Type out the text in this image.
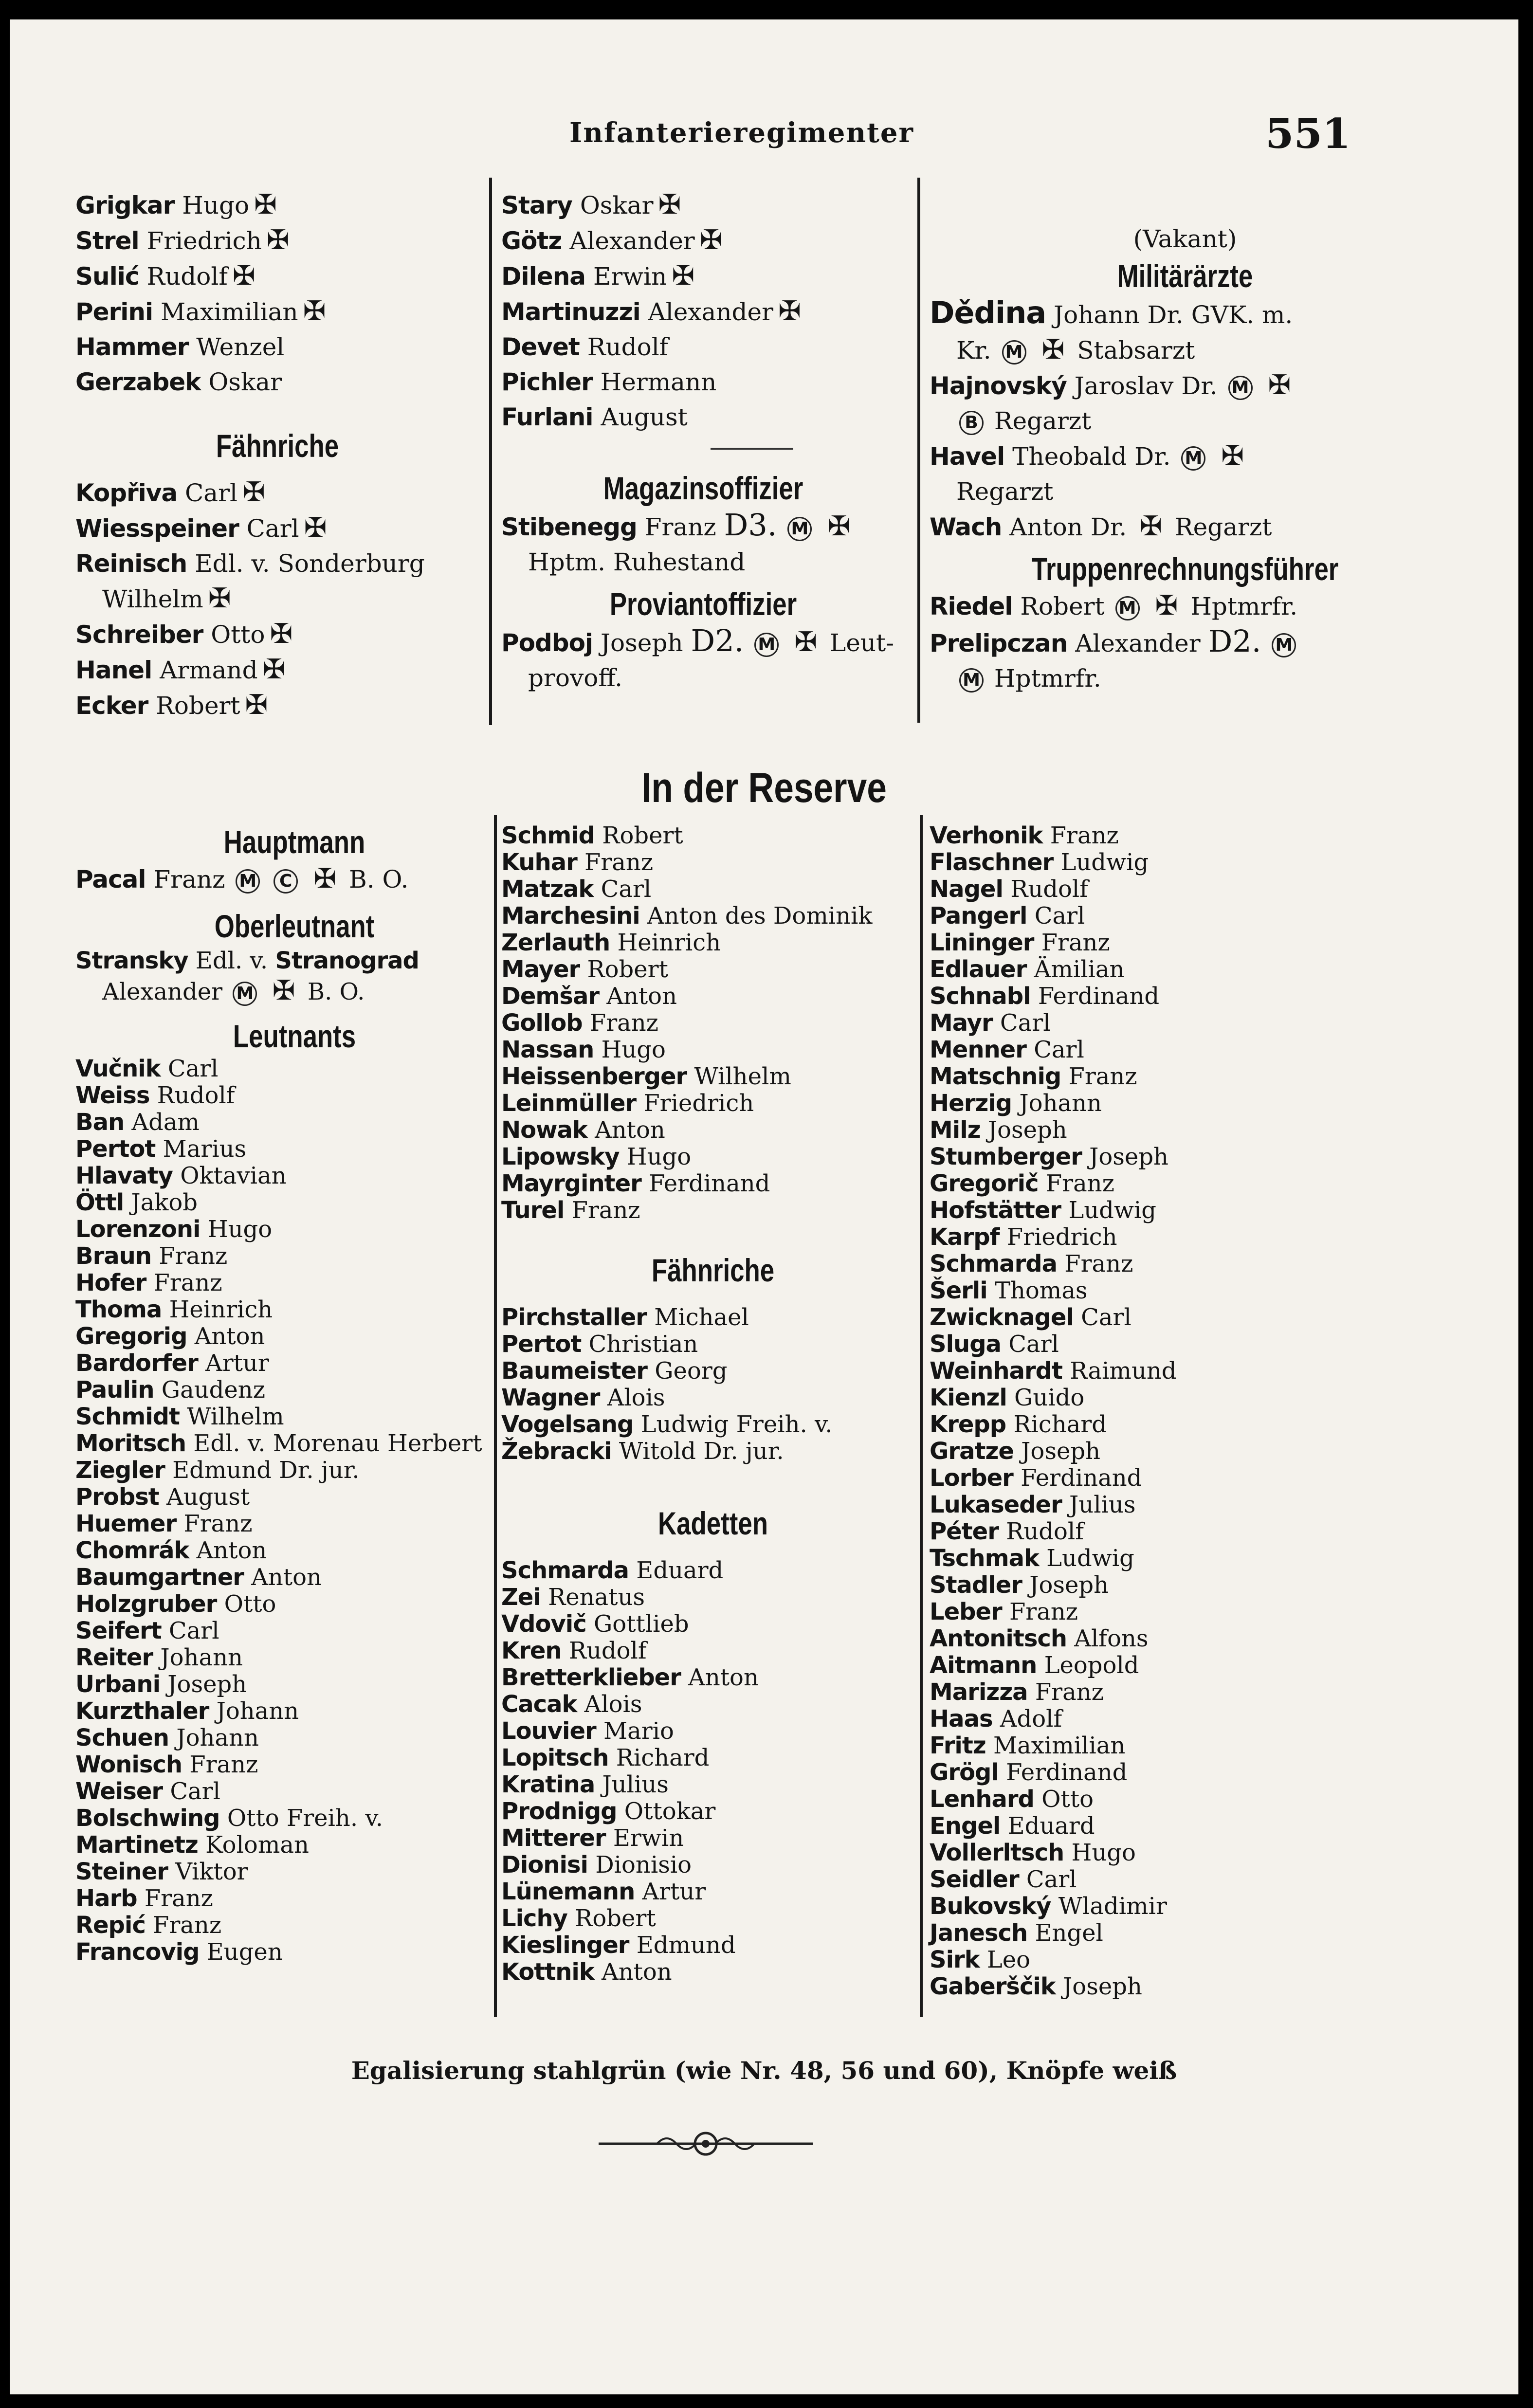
Infanterieregimenter	551
Grigkar Hugo ✠
Strel Friedrich ✠
Sulić Rudolf ✠
Perini Maximilian ✠
Hammer Wenzel
Gerzabek Oskar
Fähnriche
Kopřiva Carl ✠
Wiesspeiner Carl ✠
Reinisch Edl. v. Sonderburg
Wilhelm ✠
Schreiber Otto ✠
Hanel Armand ✠
Ecker Robert ✠
Stary Oskar ✠
Götz Alexander ✠
Dilena Erwin ✠
Martinuzzi Alexander ✠
Devet Rudolf
Pichler Hermann
Furlani August
Magazinsoffizier
Stibenegg Franz D3. M ✠
Hptm. Ruhestand
Proviantoffizier
Podboj Joseph D2. M ✠ Leut-
provoff.
(Vakant)
Militärärzte
Dědina Johann Dr. GVK. m.
Kr. M ✠ Stabsarzt
Hajnovský Jaroslav Dr. M ✠
B Regarzt
Havel Theobald Dr. M ✠
Regarzt
Wach Anton Dr. ✠ Regarzt
Truppenrechnungsführer
Riedel Robert M ✠ Hptmrfr.
Prelipczan Alexander D2. M
M Hptmrfr.
In der Reserve
Hauptmann
Pacal Franz M C ✠ B. O.
Oberleutnant
Stransky Edl. v. Stranograd
Alexander M ✠ B. O.
Leutnants
Vučnik Carl
Weiss Rudolf
Ban Adam
Pertot Marius
Hlavaty Oktavian
Öttl Jakob
Lorenzoni Hugo
Braun Franz
Hofer Franz
Thoma Heinrich
Gregorig Anton
Bardorfer Artur
Paulin Gaudenz
Schmidt Wilhelm
Moritsch Edl. v. Morenau Herbert
Ziegler Edmund Dr. jur.
Probst August
Huemer Franz
Chomrák Anton
Baumgartner Anton
Holzgruber Otto
Seifert Carl
Reiter Johann
Urbani Joseph
Kurzthaler Johann
Schuen Johann
Wonisch Franz
Weiser Carl
Bolschwing Otto Freih. v.
Martinetz Koloman
Steiner Viktor
Harb Franz
Repić Franz
Francovig Eugen
Schmid Robert
Kuhar Franz
Matzak Carl
Marchesini Anton des Dominik
Zerlauth Heinrich
Mayer Robert
Demšar Anton
Gollob Franz
Nassan Hugo
Heissenberger Wilhelm
Leinmüller Friedrich
Nowak Anton
Lipowsky Hugo
Mayrginter Ferdinand
Turel Franz
Fähnriche
Pirchstaller Michael
Pertot Christian
Baumeister Georg
Wagner Alois
Vogelsang Ludwig Freih. v.
Žebracki Witold Dr. jur.
Kadetten
Schmarda Eduard
Zei Renatus
Vdovič Gottlieb
Kren Rudolf
Bretterklieber Anton
Cacak Alois
Louvier Mario
Lopitsch Richard
Kratina Julius
Prodnigg Ottokar
Mitterer Erwin
Dionisi Dionisio
Lünemann Artur
Lichy Robert
Kieslinger Edmund
Kottnik Anton
Verhonik Franz
Flaschner Ludwig
Nagel Rudolf
Pangerl Carl
Lininger Franz
Edlauer Ämilian
Schnabl Ferdinand
Mayr Carl
Menner Carl
Matschnig Franz
Herzig Johann
Milz Joseph
Stumberger Joseph
Gregorič Franz
Hofstätter Ludwig
Karpf Friedrich
Schmarda Franz
Šerli Thomas
Zwicknagel Carl
Sluga Carl
Weinhardt Raimund
Kienzl Guido
Krepp Richard
Gratze Joseph
Lorber Ferdinand
Lukaseder Julius
Péter Rudolf
Tschmak Ludwig
Stadler Joseph
Leber Franz
Antonitsch Alfons
Aitmann Leopold
Marizza Franz
Haas Adolf
Fritz Maximilian
Grögl Ferdinand
Lenhard Otto
Engel Eduard
Vollerltsch Hugo
Seidler Carl
Bukovský Wladimir
Janesch Engel
Sirk Leo
Gaberščik Joseph
Egalisierung stahlgrün (wie Nr. 48, 56 und 60), Knöpfe weiß
